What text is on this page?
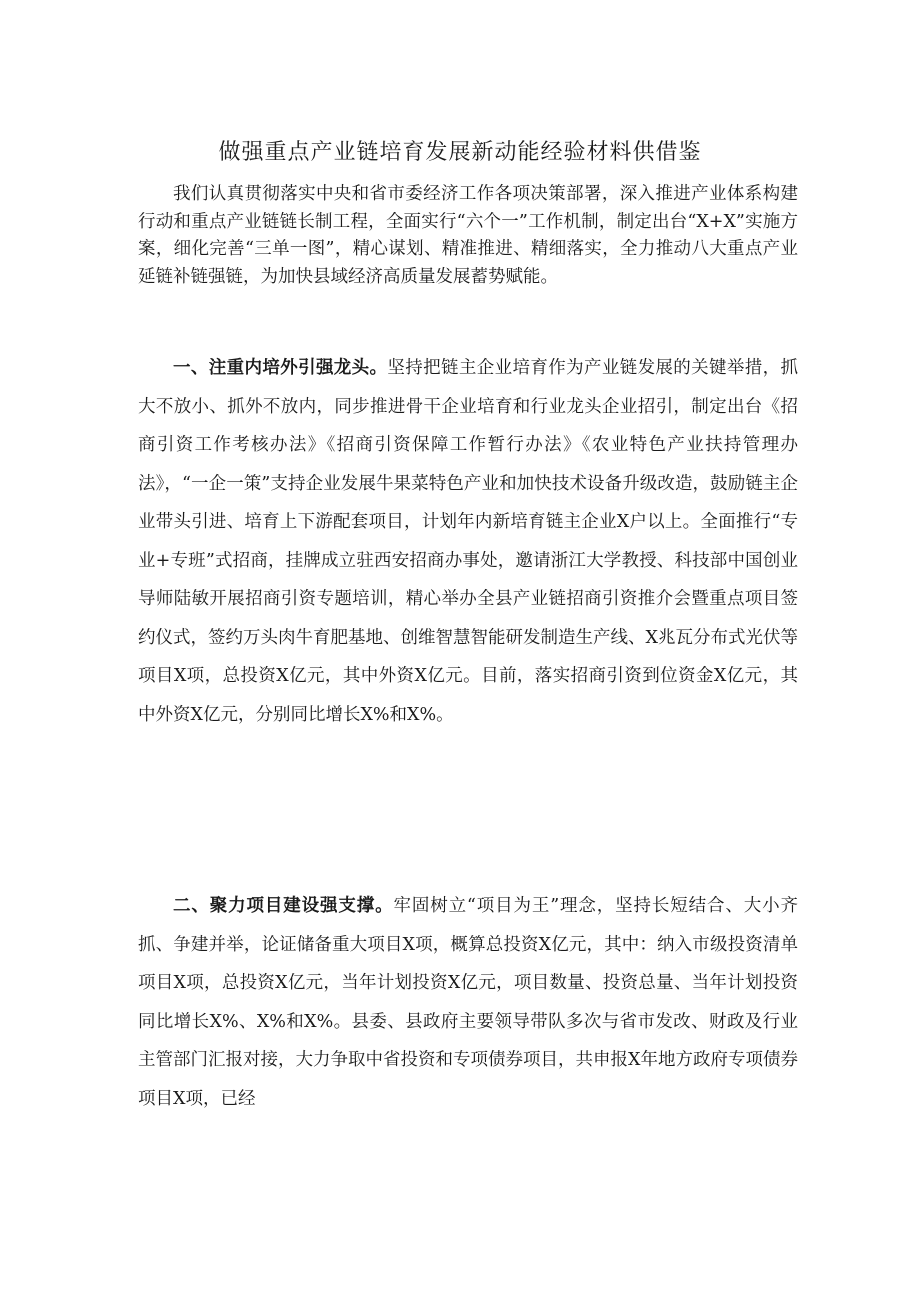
做强重点产业链培育发展新动能经验材料供借鉴

我们认真贯彻落实中央和省市委经济工作各项决策部署，深入推进产业体系构建行动和重点产业链链长制工程，全面实行“六个一”工作机制，制定出台“X+X”实施方案，细化完善“三单一图”，精心谋划、精准推进、精细落实，全力推动八大重点产业延链补链强链，为加快县域经济高质量发展蓄势赋能。

一、注重内培外引强龙头。坚持把链主企业培育作为产业链发展的关键举措，抓大不放小、抓外不放内，同步推进骨干企业培育和行业龙头企业招引，制定出台《招商引资工作考核办法》《招商引资保障工作暂行办法》《农业特色产业扶持管理办法》，“一企一策”支持企业发展牛果菜特色产业和加快技术设备升级改造，鼓励链主企业带头引进、培育上下游配套项目，计划年内新培育链主企业X户以上。全面推行“专业+专班”式招商，挂牌成立驻西安招商办事处，邀请浙江大学教授、科技部中国创业导师陆敏开展招商引资专题培训，精心举办全县产业链招商引资推介会暨重点项目签约仪式，签约万头肉牛育肥基地、创维智慧智能研发制造生产线、X兆瓦分布式光伏等项目X项，总投资X亿元，其中外资X亿元。目前，落实招商引资到位资金X亿元，其中外资X亿元，分别同比增长X%和X%。

二、聚力项目建设强支撑。牢固树立“项目为王”理念，坚持长短结合、大小齐抓、争建并举，论证储备重大项目X项，概算总投资X亿元，其中：纳入市级投资清单项目X项，总投资X亿元，当年计划投资X亿元，项目数量、投资总量、当年计划投资同比增长X%、X%和X%。县委、县政府主要领导带队多次与省市发改、财政及行业主管部门汇报对接，大力争取中省投资和专项债券项目，共申报X年地方政府专项债券项目X项，已经
